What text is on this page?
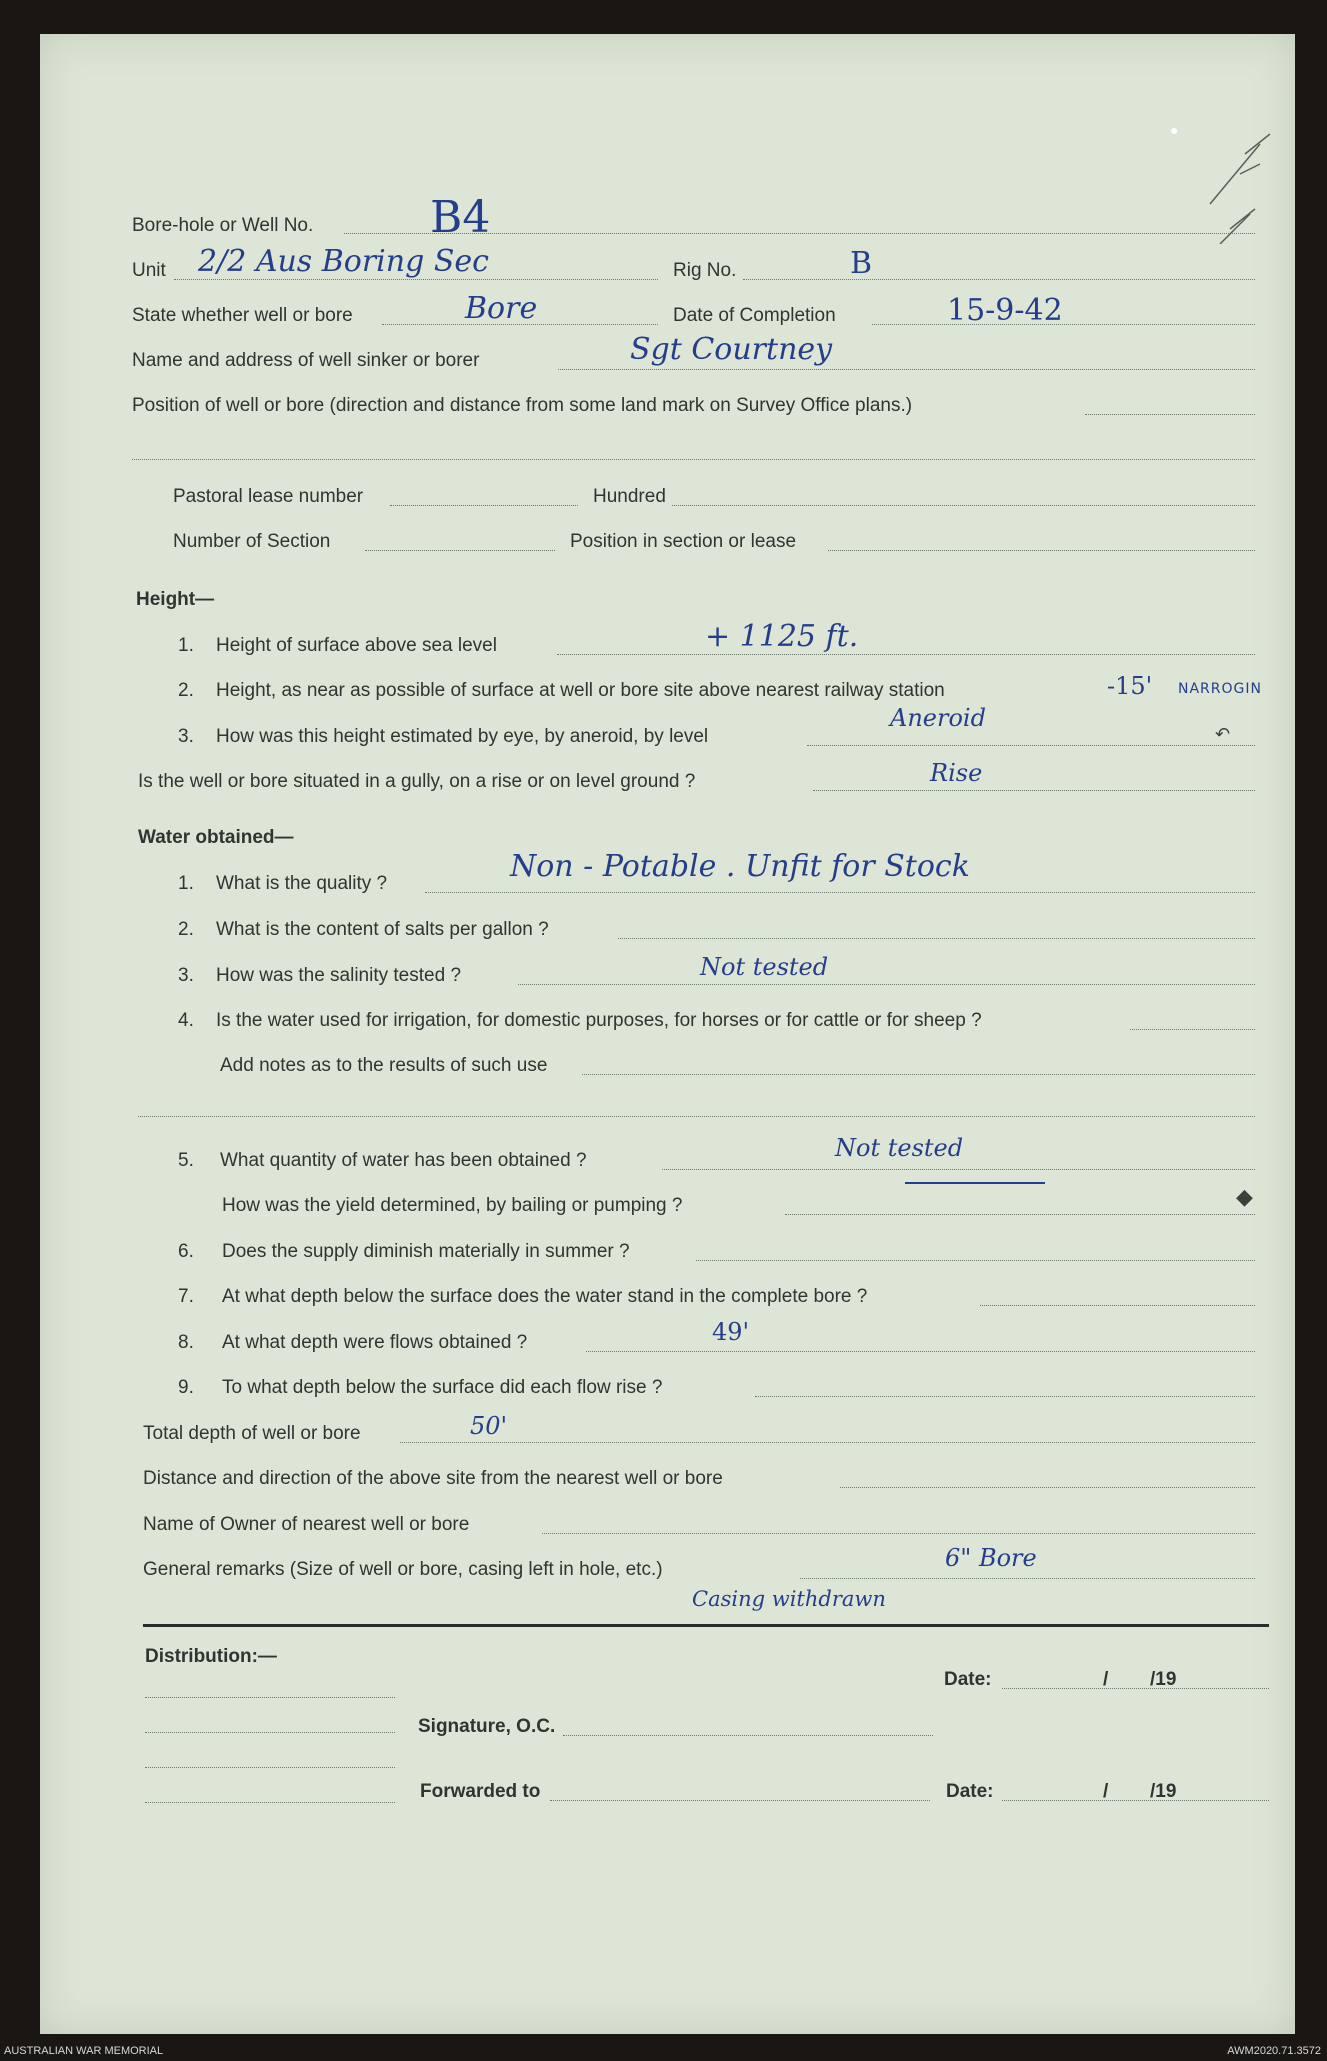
Bore-hole or Well No.	B4
Unit 2/2 Aus Boring Sec	Rig No.	B
State whether well or bore	Bore	Date of Completion	15-9-42
Name and address of well sinker or borer	Sgt Courtney
Position of well or bore (direction and distance from some land mark on Survey Office plans.)
Pastoral lease number	Hundred
Number of Section	Position in section or lease
Height—
1. Height of surface above sea level	+ 1125 ft.
2. Height, as near as possible of surface at well or bore site above nearest railway station	-15' NARROGIN
3. How was this height estimated by eye, by aneroid, by level
Aneroid
↶
Is the well or bore situated in a gully, on a rise or on level ground ?	Rise
Water obtained—
1. What is the quality ?	Non - Potable . Unfit for Stock
2. What is the content of salts per gallon ?
3. How was the salinity tested ?	Not tested
4. Is the water used for irrigation, for domestic purposes, for horses or for cattle or for sheep ?
Add notes as to the results of such use
5. What quantity of water has been obtained ?	Not tested
How was the yield determined, by bailing or pumping ?	◆
6. Does the supply diminish materially in summer ?
7. At what depth below the surface does the water stand in the complete bore ?
8. At what depth were flows obtained ?	49'
9. To what depth below the surface did each flow rise ?
Total depth of well or bore	50'
Distance and direction of the above site from the nearest well or bore
Name of Owner of nearest well or bore
General remarks (Size of well or bore, casing left in hole, etc.)	6" Bore
Casing withdrawn
Distribution:—
Date:	/ /19
Signature, O.C.
Forwarded to	Date:	/ /19
●
AUSTRALIAN WAR MEMORIAL	AWM2020.71.3572
